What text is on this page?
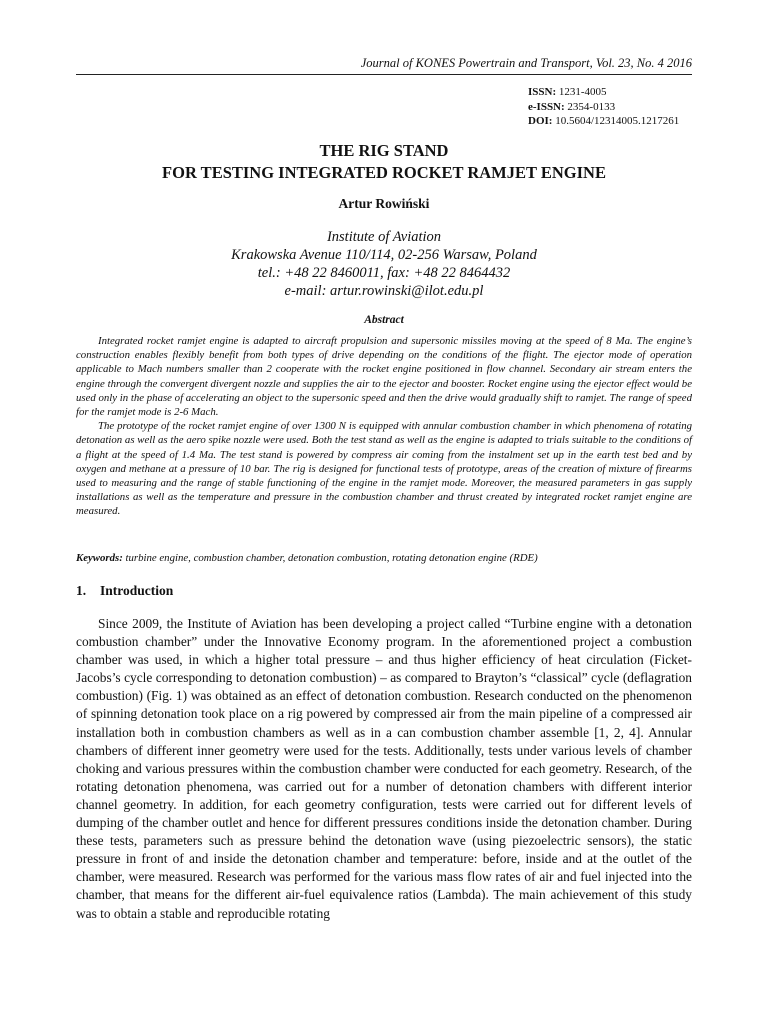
Journal of KONES Powertrain and Transport, Vol. 23, No. 4 2016
ISSN: 1231-4005
e-ISSN: 2354-0133
DOI: 10.5604/12314005.1217261
THE RIG STAND
FOR TESTING INTEGRATED ROCKET RAMJET ENGINE
Artur Rowiński
Institute of Aviation
Krakowska Avenue 110/114, 02-256 Warsaw, Poland
tel.: +48 22 8460011, fax: +48 22 8464432
e-mail: artur.rowinski@ilot.edu.pl
Abstract

Integrated rocket ramjet engine is adapted to aircraft propulsion and supersonic missiles moving at the speed of 8 Ma. The engine’s construction enables flexibly benefit from both types of drive depending on the conditions of the flight. The ejector mode of operation applicable to Mach numbers smaller than 2 cooperate with the rocket engine positioned in flow channel. Secondary air stream enters the engine through the convergent divergent nozzle and supplies the air to the ejector and booster. Rocket engine using the ejector effect would be used only in the phase of accelerating an object to the supersonic speed and then the drive would gradually shift to ramjet. The range of speed for the ramjet mode is 2-6 Mach.

The prototype of the rocket ramjet engine of over 1300 N is equipped with annular combustion chamber in which phenomena of rotating detonation as well as the aero spike nozzle were used. Both the test stand as well as the engine is adapted to trials suitable to the conditions of a flight at the speed of 1.4 Ma. The test stand is powered by compress air coming from the instalment set up in the earth test bed and by oxygen and methane at a pressure of 10 bar. The rig is designed for functional tests of prototype, areas of the creation of mixture of firearms used to measuring and the range of stable functioning of the engine in the ramjet mode. Moreover, the measured parameters in gas supply installations as well as the temperature and pressure in the combustion chamber and thrust created by integrated rocket ramjet engine are measured.

Keywords: turbine engine, combustion chamber, detonation combustion, rotating detonation engine (RDE)
1. Introduction

Since 2009, the Institute of Aviation has been developing a project called “Turbine engine with a detonation combustion chamber” under the Innovative Economy program. In the aforementioned project a combustion chamber was used, in which a higher total pressure – and thus higher efficiency of heat circulation (Ficket-Jacobs’s cycle corresponding to detonation combustion) – as compared to Brayton’s “classical” cycle (deflagration combustion) (Fig. 1) was obtained as an effect of detonation combustion. Research conducted on the phenomenon of spinning detonation took place on a rig powered by compressed air from the main pipeline of a compressed air installation both in combustion chambers as well as in a can combustion chamber assemble [1, 2, 4]. Annular chambers of different inner geometry were used for the tests. Additionally, tests under various levels of chamber choking and various pressures within the combustion chamber were conducted for each geometry. Research, of the rotating detonation phenomena, was carried out for a number of detonation chambers with different interior channel geometry. In addition, for each geometry configuration, tests were carried out for different levels of dumping of the chamber outlet and hence for different pressures conditions inside the detonation chamber. During these tests, parameters such as pressure behind the detonation wave (using piezoelectric sensors), the static pressure in front of and inside the detonation chamber and temperature: before, inside and at the outlet of the chamber, were measured. Research was performed for the various mass flow rates of air and fuel injected into the chamber, that means for the different air-fuel equivalence ratios (Lambda). The main achievement of this study was to obtain a stable and reproducible rotating
